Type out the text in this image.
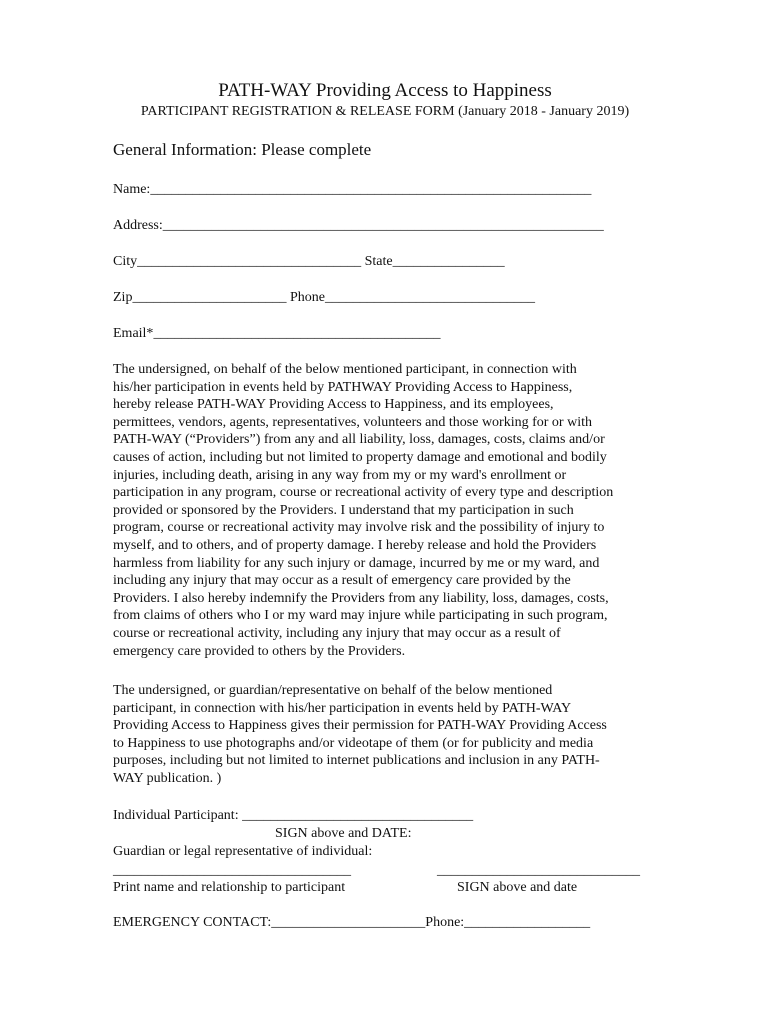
PATH-WAY Providing Access to Happiness
PARTICIPANT REGISTRATION & RELEASE FORM (January 2018 - January 2019)
General Information: Please complete
Name:_______________________________________________________________
Address:_______________________________________________________________
City________________________________ State________________
Zip______________________ Phone______________________________
Email*_________________________________________

The undersigned, on behalf of the below mentioned participant, in connection with
his/her participation in events held by PATHWAY Providing Access to Happiness,
hereby release PATH-WAY Providing Access to Happiness, and its employees,
permittees, vendors, agents, representatives, volunteers and those working for or with
PATH-WAY (“Providers”) from any and all liability, loss, damages, costs, claims and/or
causes of action, including but not limited to property damage and emotional and bodily
injuries, including death, arising in any way from my or my ward's enrollment or
participation in any program, course or recreational activity of every type and description
provided or sponsored by the Providers. I understand that my participation in such
program, course or recreational activity may involve risk and the possibility of injury to
myself, and to others, and of property damage. I hereby release and hold the Providers
harmless from liability for any such injury or damage, incurred by me or my ward, and
including any injury that may occur as a result of emergency care provided by the
Providers. I also hereby indemnify the Providers from any liability, loss, damages, costs,
from claims of others who I or my ward may injure while participating in such program,
course or recreational activity, including any injury that may occur as a result of
emergency care provided to others by the Providers.

The undersigned, or guardian/representative on behalf of the below mentioned
participant, in connection with his/her participation in events held by PATH-WAY
Providing Access to Happiness gives their permission for PATH-WAY Providing Access
to Happiness to use photographs and/or videotape of them (or for publicity and media
purposes, including but not limited to internet publications and inclusion in any PATH-
WAY publication. )

Individual Participant: _________________________________
SIGN above and DATE:
Guardian or legal representative of individual:
__________________________________	_____________________________
Print name and relationship to participant	SIGN above and date
EMERGENCY CONTACT:______________________Phone:__________________
